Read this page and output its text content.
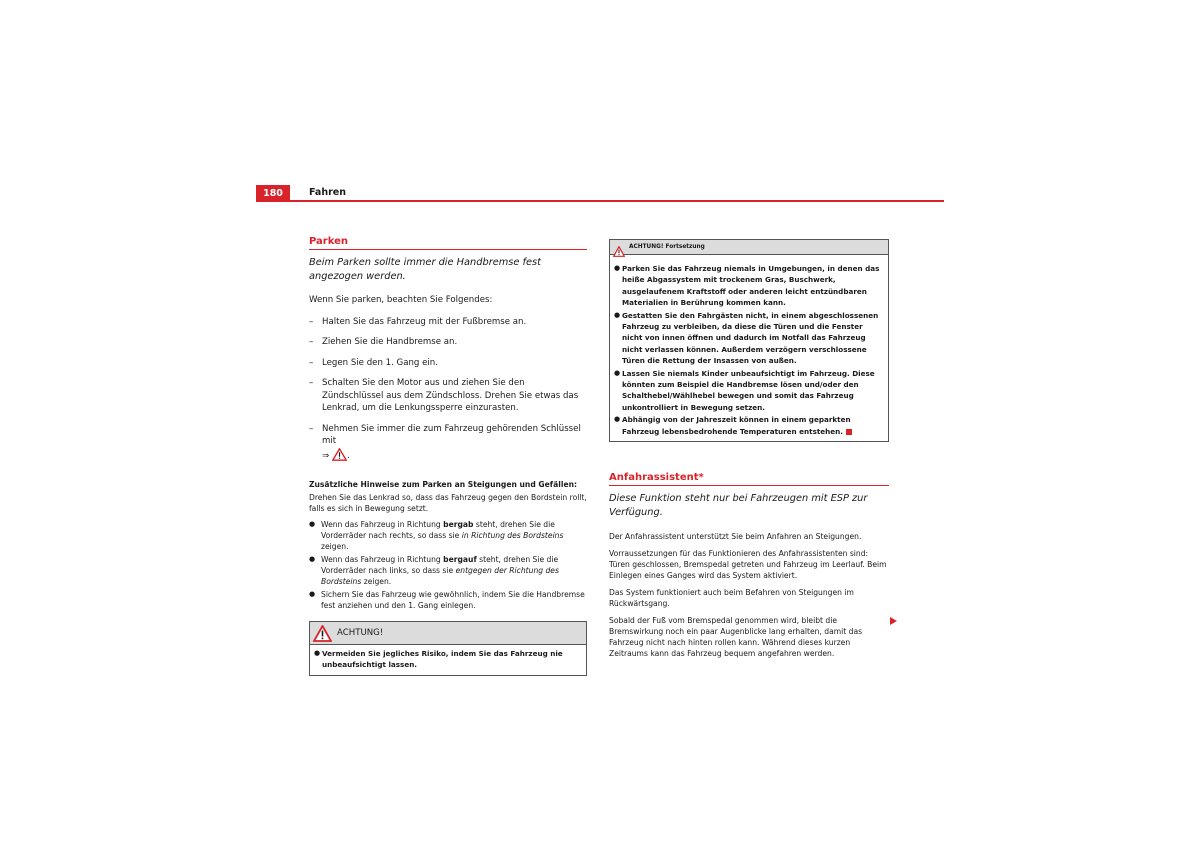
180	Fahren
Parken

Beim Parken sollte immer die Handbremse fest angezogen werden.

Wenn Sie parken, beachten Sie Folgendes:

– Halten Sie das Fahrzeug mit der Fußbremse an.
– Ziehen Sie die Handbremse an.
– Legen Sie den 1. Gang ein.
– Schalten Sie den Motor aus und ziehen Sie den Zündschlüssel aus dem Zündschloss. Drehen Sie etwas das Lenkrad, um die Lenkungssperre einzurasten.
– Nehmen Sie immer die zum Fahrzeug gehörenden Schlüssel mit
⇒ .

Zusätzliche Hinweise zum Parken an Steigungen und Gefällen:

Drehen Sie das Lenkrad so, dass das Fahrzeug gegen den Bordstein rollt, falls es sich in Bewegung setzt.

● Wenn das Fahrzeug in Richtung bergab steht, drehen Sie die Vorderräder nach rechts, so dass sie in Richtung des Bordsteins zeigen.
● Wenn das Fahrzeug in Richtung bergauf steht, drehen Sie die Vorderräder nach links, so dass sie entgegen der Richtung des Bordsteins zeigen.
● Sichern Sie das Fahrzeug wie gewöhnlich, indem Sie die Handbremse fest anziehen und den 1. Gang einlegen.
ACHTUNG!
● Vermeiden Sie jegliches Risiko, indem Sie das Fahrzeug nie unbeaufsichtigt lassen.
ACHTUNG! Fortsetzung
● Parken Sie das Fahrzeug niemals in Umgebungen, in denen das heiße Abgassystem mit trockenem Gras, Buschwerk, ausgelaufenem Kraftstoff oder anderen leicht entzündbaren Materialien in Berührung kommen kann.
● Gestatten Sie den Fahrgästen nicht, in einem abgeschlossenen Fahrzeug zu verbleiben, da diese die Türen und die Fenster nicht von innen öffnen und dadurch im Notfall das Fahrzeug nicht verlassen können. Außerdem verzögern verschlossene Türen die Rettung der Insassen von außen.
● Lassen Sie niemals Kinder unbeaufsichtigt im Fahrzeug. Diese könnten zum Beispiel die Handbremse lösen und/oder den Schalthebel/Wählhebel bewegen und somit das Fahrzeug unkontrolliert in Bewegung setzen.
● Abhängig von der Jahreszeit können in einem geparkten Fahrzeug lebensbedrohende Temperaturen entstehen.
Anfahrassistent*

Diese Funktion steht nur bei Fahrzeugen mit ESP zur Verfügung.

Der Anfahrassistent unterstützt Sie beim Anfahren an Steigungen.

Vorraussetzungen für das Funktionieren des Anfahrassistenten sind: Türen geschlossen, Bremspedal getreten und Fahrzeug im Leerlauf. Beim Einlegen eines Ganges wird das System aktiviert.

Das System funktioniert auch beim Befahren von Steigungen im Rückwärtsgang.

Sobald der Fuß vom Bremspedal genommen wird, bleibt die Bremswirkung noch ein paar Augenblicke lang erhalten, damit das Fahrzeug nicht nach hinten rollen kann. Während dieses kurzen Zeitraums kann das Fahrzeug bequem angefahren werden.
